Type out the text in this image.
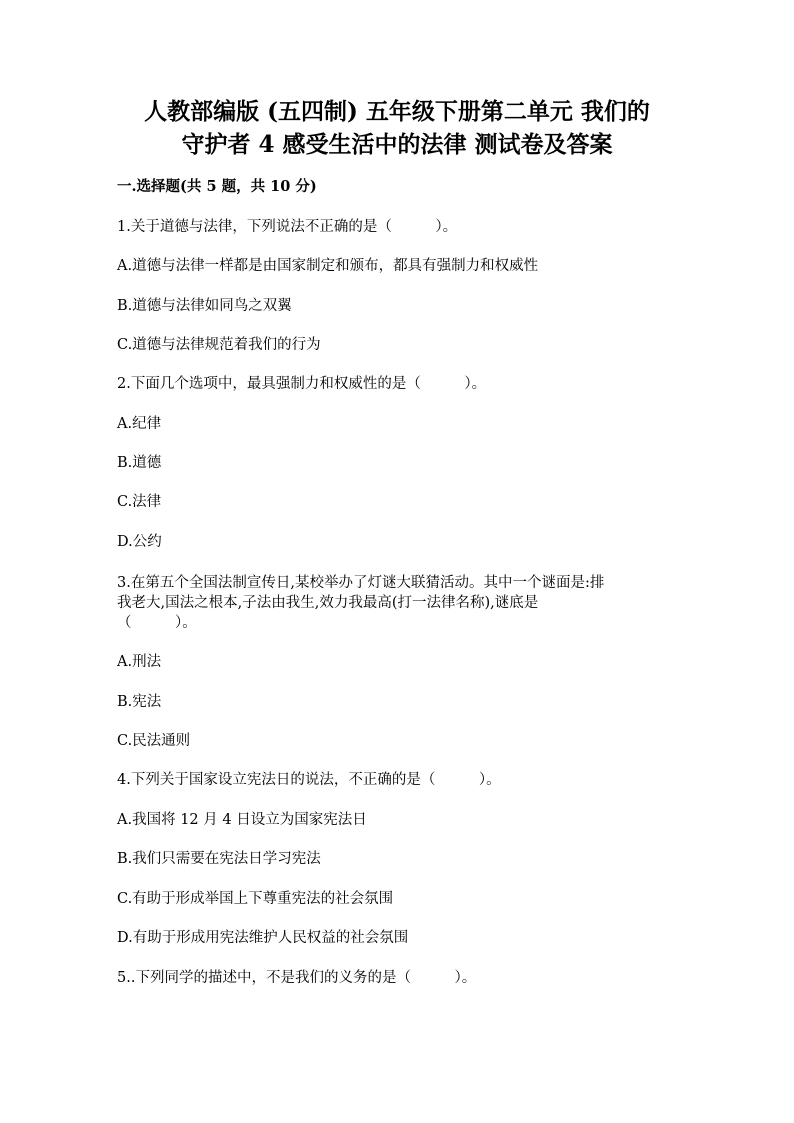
人教部编版 (五四制) 五年级下册第二单元 我们的
守护者 4 感受生活中的法律 测试卷及答案
一.选择题(共 5 题，共 10 分)
1.关于道德与法律，下列说法不正确的是（　　　）。
A.道德与法律一样都是由国家制定和颁布，都具有强制力和权威性
B.道德与法律如同鸟之双翼
C.道德与法律规范着我们的行为
2.下面几个选项中，最具强制力和权威性的是（　　　）。
A.纪律
B.道德
C.法律
D.公约
3.在第五个全国法制宣传日,某校举办了灯谜大联猜活动。其中一个谜面是:排
我老大,国法之根本,子法由我生,效力我最高(打一法律名称),谜底是
（　　　）。
A.刑法
B.宪法
C.民法通则
4.下列关于国家设立宪法日的说法，不正确的是（　　　）。
A.我国将 12 月 4 日设立为国家宪法日
B.我们只需要在宪法日学习宪法
C.有助于形成举国上下尊重宪法的社会氛围
D.有助于形成用宪法维护人民权益的社会氛围
5..下列同学的描述中，不是我们的义务的是（　　　）。
